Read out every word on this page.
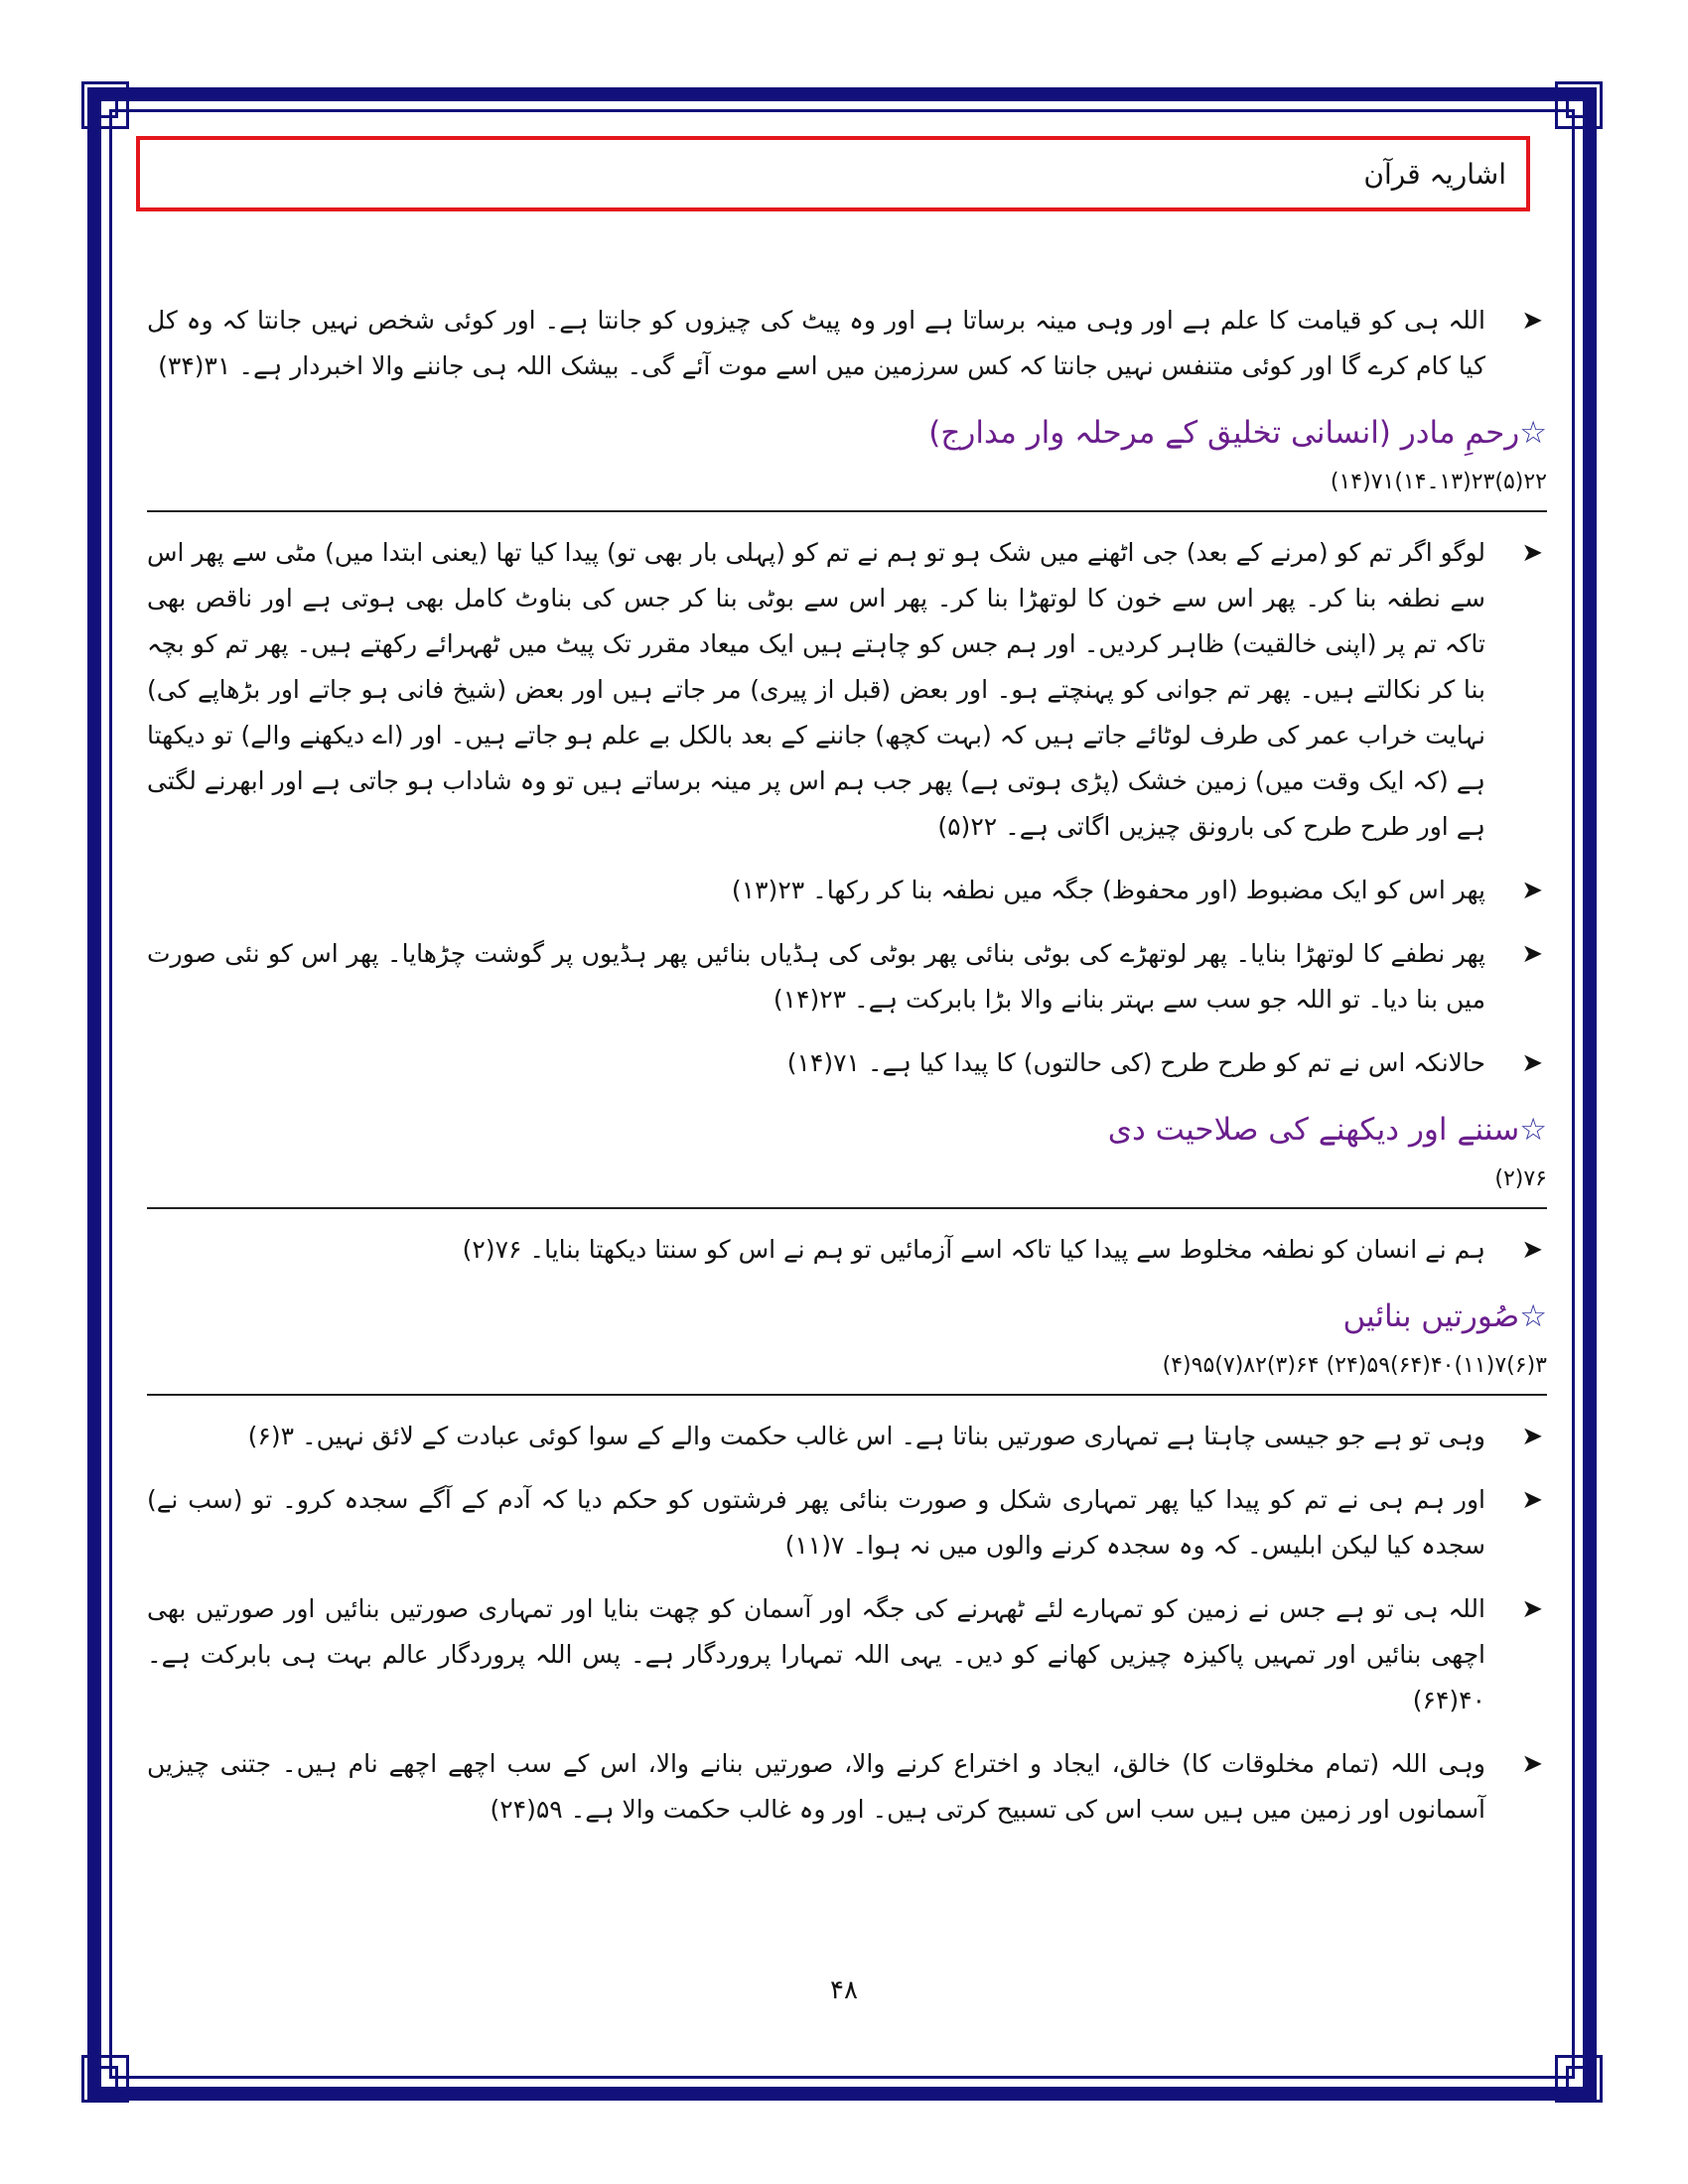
اشاریہ قرآن
➤
اللہ ہی کو قیامت کا علم ہے اور وہی مینہ برساتا ہے اور وہ پیٹ کی چیزوں کو جانتا ہے۔ اور کوئی شخص نہیں جانتا کہ وہ کل کیا کام کرے گا اور کوئی متنفس نہیں جانتا کہ کس سرزمین میں اسے موت آئے گی۔ بیشک اللہ ہی جاننے والا اخبردار ہے۔ ۳۱(۳۴)
☆رحمِ مادر (انسانی تخلیق کے مرحلہ وار مدارج)
۲۲(۵)۲۳(۱۳۔۱۴)۷۱(۱۴)
➤
لوگو اگر تم کو (مرنے کے بعد) جی اٹھنے میں شک ہو تو ہم نے تم کو (پہلی بار بھی تو) پیدا کیا تھا (یعنی ابتدا میں) مٹی سے پھر اس سے نطفہ بنا کر۔ پھر اس سے خون کا لوتھڑا بنا کر۔ پھر اس سے بوٹی بنا کر جس کی بناوٹ کامل بھی ہوتی ہے اور ناقص بھی تاکہ تم پر (اپنی خالقیت) ظاہر کردیں۔ اور ہم جس کو چاہتے ہیں ایک میعاد مقرر تک پیٹ میں ٹھہرائے رکھتے ہیں۔ پھر تم کو بچہ بنا کر نکالتے ہیں۔ پھر تم جوانی کو پہنچتے ہو۔ اور بعض (قبل از پیری) مر جاتے ہیں اور بعض (شیخ فانی ہو جاتے اور بڑھاپے کی) نہایت خراب عمر کی طرف لوٹائے جاتے ہیں کہ (بہت کچھ) جاننے کے بعد بالکل بے علم ہو جاتے ہیں۔ اور (اے دیکھنے والے) تو دیکھتا ہے (کہ ایک وقت میں) زمین خشک (پڑی ہوتی ہے) پھر جب ہم اس پر مینہ برساتے ہیں تو وہ شاداب ہو جاتی ہے اور ابھرنے لگتی ہے اور طرح طرح کی بارونق چیزیں اگاتی ہے۔ ۲۲(۵)
➤
پھر اس کو ایک مضبوط (اور محفوظ) جگہ میں نطفہ بنا کر رکھا۔ ۲۳(۱۳)
➤
پھر نطفے کا لوتھڑا بنایا۔ پھر لوتھڑے کی بوٹی بنائی پھر بوٹی کی ہڈیاں بنائیں پھر ہڈیوں پر گوشت چڑھایا۔ پھر اس کو نئی صورت میں بنا دیا۔ تو اللہ جو سب سے بہتر بنانے والا بڑا بابرکت ہے۔ ۲۳(۱۴)
➤
حالانکہ اس نے تم کو طرح طرح (کی حالتوں) کا پیدا کیا ہے۔ ۷۱(۱۴)
☆سننے اور دیکھنے کی صلاحیت دی
۷۶(۲)
➤
ہم نے انسان کو نطفہ مخلوط سے پیدا کیا تاکہ اسے آزمائیں تو ہم نے اس کو سنتا دیکھتا بنایا۔ ۷۶(۲)
☆صُورتیں بنائیں
۳(۶)۷(۱۱)۴۰(۶۴)۵۹(۲۴) ۶۴(۳)۸۲(۷)۹۵(۴)
➤
وہی تو ہے جو جیسی چاہتا ہے تمہاری صورتیں بناتا ہے۔ اس غالب حکمت والے کے سوا کوئی عبادت کے لائق نہیں۔ ۳(۶)
➤
اور ہم ہی نے تم کو پیدا کیا پھر تمہاری شکل و صورت بنائی پھر فرشتوں کو حکم دیا کہ آدم کے آگے سجدہ کرو۔ تو (سب نے) سجدہ کیا لیکن ابلیس۔ کہ وہ سجدہ کرنے والوں میں نہ ہوا۔ ۷(۱۱)
➤
اللہ ہی تو ہے جس نے زمین کو تمہارے لئے ٹھہرنے کی جگہ اور آسمان کو چھت بنایا اور تمہاری صورتیں بنائیں اور صورتیں بھی اچھی بنائیں اور تمہیں پاکیزہ چیزیں کھانے کو دیں۔ یہی اللہ تمہارا پروردگار ہے۔ پس اللہ پروردگار عالم بہت ہی بابرکت ہے۔ ۴۰(۶۴)
➤
وہی اللہ (تمام مخلوقات کا) خالق، ایجاد و اختراع کرنے والا، صورتیں بنانے والا، اس کے سب اچھے اچھے نام ہیں۔ جتنی چیزیں آسمانوں اور زمین میں ہیں سب اس کی تسبیح کرتی ہیں۔ اور وہ غالب حکمت والا ہے۔ ۵۹(۲۴)
۴۸
